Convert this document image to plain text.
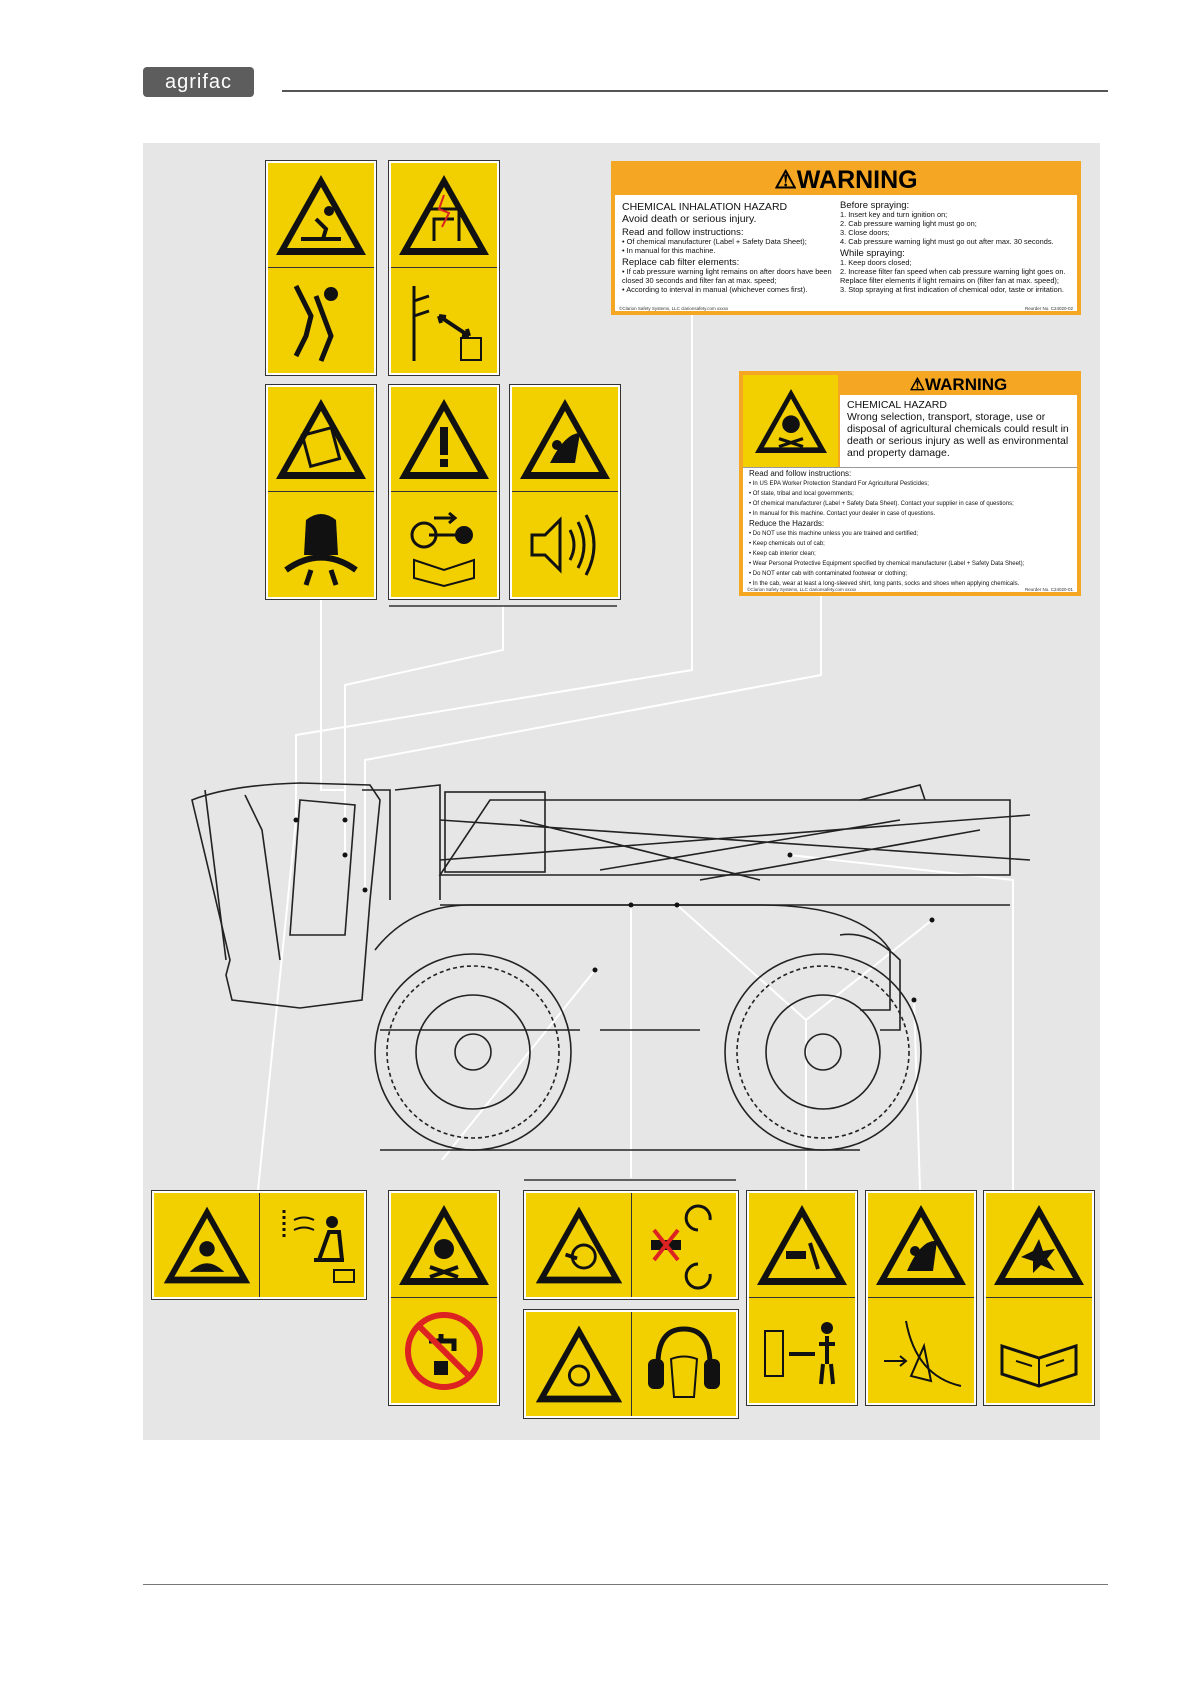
agrifac
⚠WARNING
CHEMICAL INHALATION HAZARD
Avoid death or serious injury.
Read and follow instructions:
• Of chemical manufacturer (Label + Safety Data Sheet);
• In manual for this machine.
Replace cab filter elements:
• If cab pressure warning light remains on after doors have been closed 30 seconds and filter fan at max. speed;
• According to interval in manual (whichever comes first).
Before spraying:
1. Insert key and turn ignition on;
2. Cab pressure warning light must go on;
3. Close doors;
4. Cab pressure warning light must go out after max. 30 seconds.
While spraying:
1. Keep doors closed;
2. Increase filter fan speed when cab pressure warning light goes on. Replace filter elements if light remains on (filter fan at max. speed);
3. Stop spraying at first indication of chemical odor, taste or irritation.
©Clarion Safety Systems, LLC clarionsafety.com xxxxx	Reorder No. C24020-02
⚠WARNING
CHEMICAL HAZARD
Wrong selection, transport, storage, use or disposal of agricultural chemicals could result in death or serious injury as well as environmental and property damage.
Read and follow instructions:
• In US EPA Worker Protection Standard For Agricultural Pesticides;
• Of state, tribal and local governments;
• Of chemical manufacturer (Label + Safety Data Sheet). Contact your supplier in case of questions;
• In manual for this machine. Contact your dealer in case of questions.
Reduce the Hazards:
• Do NOT use this machine unless you are trained and certified;
• Keep chemicals out of cab;
• Keep cab interior clean;
• Wear Personal Protective Equipment specified by chemical manufacturer (Label + Safety Data Sheet);
• Do NOT enter cab with contaminated footwear or clothing;
• In the cab, wear at least a long-sleeved shirt, long pants, socks and shoes when applying chemicals.
©Clarion Safety Systems, LLC clarionsafety.com xxxxx	Reorder No. C24020-01
